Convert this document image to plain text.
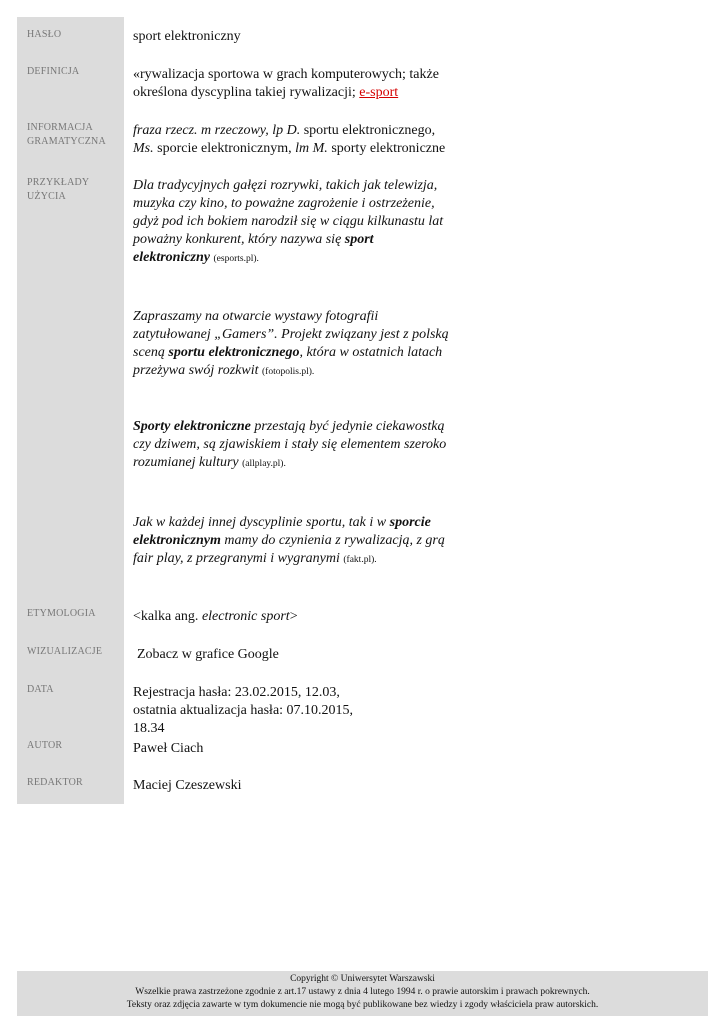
HASŁO
DEFINICJA
INFORMACJA
GRAMATYCZNA
PRZYKŁADY
UŻYCIA
ETYMOLOGIA
WIZUALIZACJE
DATA
AUTOR
REDAKTOR
sport elektroniczny
«rywalizacja sportowa w grach komputerowych; także określona dyscyplina takiej rywalizacji; e-sport
fraza rzecz. m rzeczowy, lp D. sportu elektronicznego,
Ms. sporcie elektronicznym, lm M. sporty elektroniczne
Dla tradycyjnych gałęzi rozrywki, takich jak telewizja, muzyka czy kino, to poważne zagrożenie i ostrzeżenie, gdyż pod ich bokiem narodził się w ciągu kilkunastu lat poważny konkurent, który nazywa się sport elektroniczny (esports.pl).
Zapraszamy na otwarcie wystawy fotografii zatytułowanej „Gamers”. Projekt związany jest z polską sceną sportu elektronicznego, która w ostatnich latach przeżywa swój rozkwit (fotopolis.pl).
Sporty elektroniczne przestają być jedynie ciekawostką czy dziwem, są zjawiskiem i stały się elementem szeroko rozumianej kultury (allplay.pl).
Jak w każdej innej dyscyplinie sportu, tak i w sporcie elektronicznym mamy do czynienia z rywalizacją, z grą fair play, z przegranymi i wygranymi (fakt.pl).
<kalka ang. electronic sport>
Zobacz w grafice Google
Rejestracja hasła: 23.02.2015, 12.03, ostatnia aktualizacja hasła: 07.10.2015, 18.34
Paweł Ciach
Maciej Czeszewski
Copyright © Uniwersytet Warszawski
Wszelkie prawa zastrzeżone zgodnie z art.17 ustawy z dnia 4 lutego 1994 r. o prawie autorskim i prawach pokrewnych.
Teksty oraz zdjęcia zawarte w tym dokumencie nie mogą być publikowane bez wiedzy i zgody właściciela praw autorskich.
